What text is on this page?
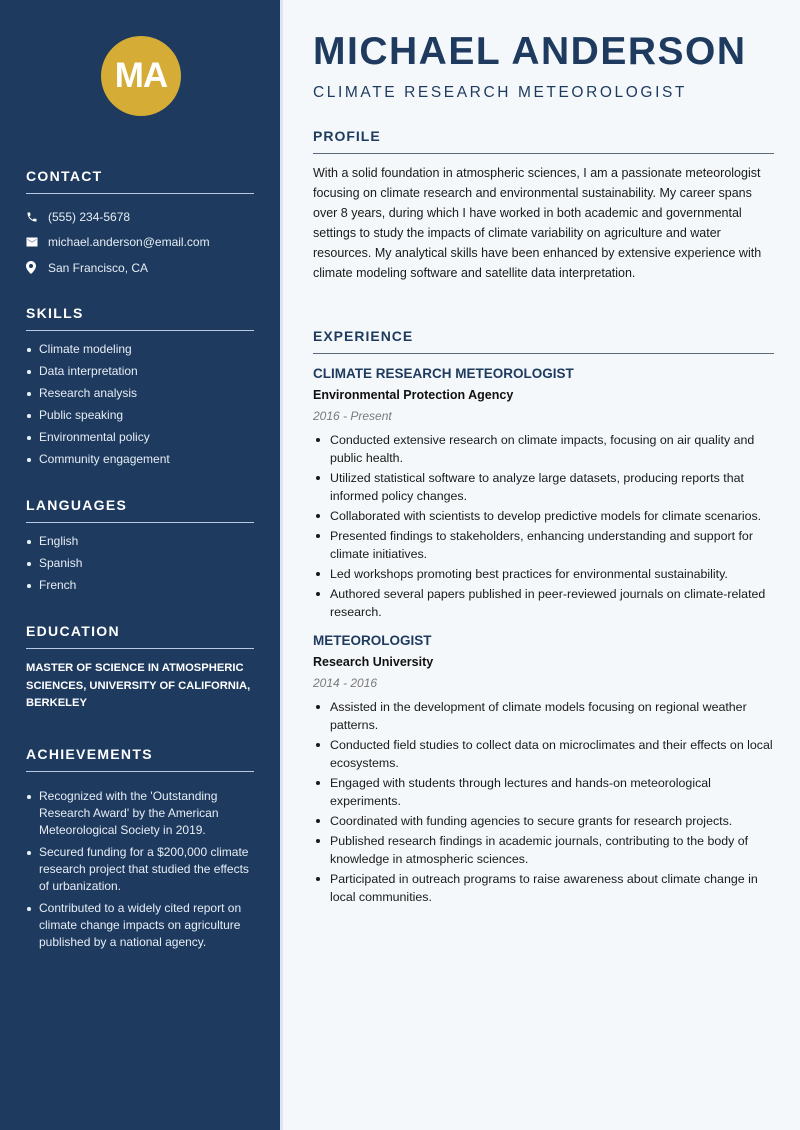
MA
CONTACT
(555) 234-5678
michael.anderson@email.com
San Francisco, CA
SKILLS
Climate modeling
Data interpretation
Research analysis
Public speaking
Environmental policy
Community engagement
LANGUAGES
English
Spanish
French
EDUCATION
MASTER OF SCIENCE IN ATMOSPHERIC SCIENCES, UNIVERSITY OF CALIFORNIA, BERKELEY
ACHIEVEMENTS
Recognized with the 'Outstanding Research Award' by the American Meteorological Society in 2019.
Secured funding for a $200,000 climate research project that studied the effects of urbanization.
Contributed to a widely cited report on climate change impacts on agriculture published by a national agency.
MICHAEL ANDERSON
CLIMATE RESEARCH METEOROLOGIST
PROFILE

With a solid foundation in atmospheric sciences, I am a passionate meteorologist focusing on climate research and environmental sustainability. My career spans over 8 years, during which I have worked in both academic and governmental settings to study the impacts of climate variability on agriculture and water resources. My analytical skills have been enhanced by extensive experience with climate modeling software and satellite data interpretation.

EXPERIENCE
CLIMATE RESEARCH METEOROLOGIST
Environmental Protection Agency
2016 - Present
Conducted extensive research on climate impacts, focusing on air quality and public health.
Utilized statistical software to analyze large datasets, producing reports that informed policy changes.
Collaborated with scientists to develop predictive models for climate scenarios.
Presented findings to stakeholders, enhancing understanding and support for climate initiatives.
Led workshops promoting best practices for environmental sustainability.
Authored several papers published in peer-reviewed journals on climate-related research.
METEOROLOGIST
Research University
2014 - 2016
Assisted in the development of climate models focusing on regional weather patterns.
Conducted field studies to collect data on microclimates and their effects on local ecosystems.
Engaged with students through lectures and hands-on meteorological experiments.
Coordinated with funding agencies to secure grants for research projects.
Published research findings in academic journals, contributing to the body of knowledge in atmospheric sciences.
Participated in outreach programs to raise awareness about climate change in local communities.
